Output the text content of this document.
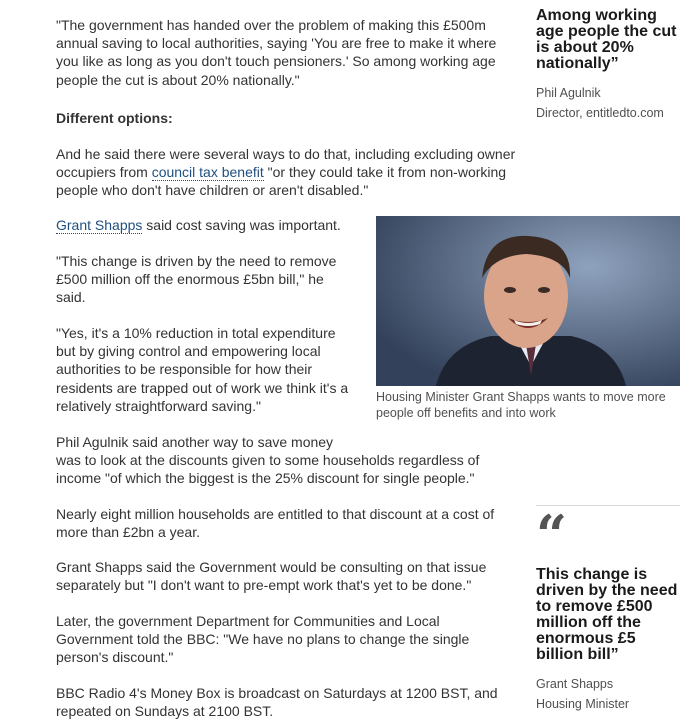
"The government has handed over the problem of making this £500m
annual saving to local authorities, saying 'You are free to make it where
you like as long as you don't touch pensioners.' So among working age
people the cut is about 20% nationally."

Different options:

And he said there were several ways to do that, including excluding owner
occupiers from council tax benefit "or they could take it from non-working
people who don't have children or aren't disabled."

Grant Shapps said cost saving was important.

"This change is driven by the need to remove
£500 million off the enormous £5bn bill," he
said.

"Yes, it's a 10% reduction in total expenditure
but by giving control and empowering local
authorities to be responsible for how their
residents are trapped out of work we think it's a
relatively straightforward saving."

Phil Agulnik said another way to save money
was to look at the discounts given to some households regardless of
income "of which the biggest is the 25% discount for single people."

Nearly eight million households are entitled to that discount at a cost of
more than £2bn a year.

Grant Shapps said the Government would be consulting on that issue
separately but "I don't want to pre-empt work that's yet to be done."

Later, the government Department for Communities and Local
Government told the BBC: "We have no plans to change the single
person's discount."

BBC Radio 4's Money Box is broadcast on Saturdays at 1200 BST, and
repeated on Sundays at 2100 BST.

Housing Minister Grant Shapps wants to move more
people off benefits and into work
Among working
age people the cut
is about 20%
nationally”
Phil Agulnik
Director, entitledto.com
“
This change is
driven by the need
to remove £500
million off the
enormous £5
billion bill”
Grant Shapps
Housing Minister
